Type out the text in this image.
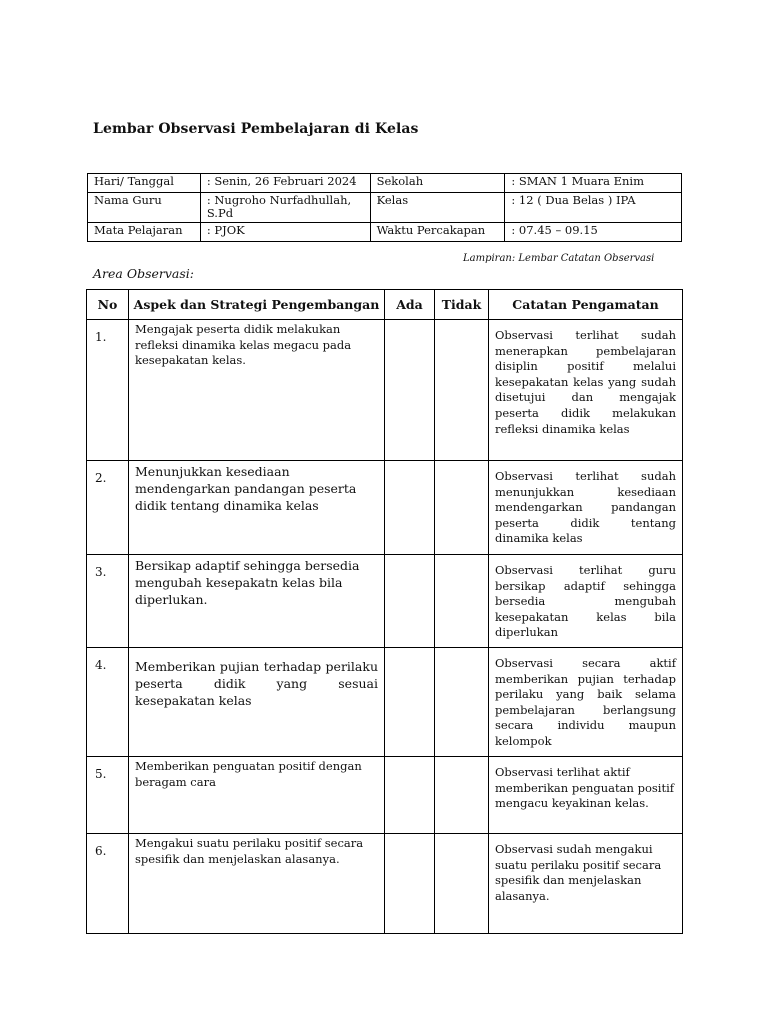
Lembar Observasi Pembelajaran di Kelas
Hari/ Tanggal	: Senin, 26 Februari 2024	Sekolah	: SMAN 1 Muara Enim
Nama Guru	: Nugroho Nurfadhullah, S.Pd	Kelas	: 12 ( Dua Belas ) IPA
Mata Pelajaran	: PJOK	Waktu Percakapan	: 07.45 – 09.15
Lampiran: Lembar Catatan Observasi
Area Observasi:
No	Aspek dan Strategi Pengembangan	Ada	Tidak	Catatan Pengamatan
1.	Mengajak peserta didik melakukan refleksi dinamika kelas megacu pada kesepakatan kelas.			Observasi terlihat sudah menerapkan pembelajaran disiplin positif melalui kesepakatan kelas yang sudah disetujui dan mengajak peserta didik melakukan refleksi dinamika kelas
2.	Menunjukkan kesediaan mendengarkan pandangan peserta didik tentang dinamika kelas			Observasi terlihat sudah menunjukkan kesediaan mendengarkan pandangan peserta didik tentang dinamika kelas
3.	Bersikap adaptif sehingga bersedia mengubah kesepakatn kelas bila diperlukan.			Observasi terlihat guru bersikap adaptif sehingga bersedia mengubah kesepakatan kelas bila diperlukan
4.	Memberikan pujian terhadap perilaku peserta didik yang sesuai kesepakatan kelas			Observasi secara aktif memberikan pujian terhadap perilaku yang baik selama pembelajaran berlangsung secara individu maupun kelompok
5.	Memberikan penguatan positif dengan beragam cara			Observasi terlihat aktif memberikan penguatan positif mengacu keyakinan kelas.
6.	Mengakui suatu perilaku positif secara spesifik dan menjelaskan alasanya.			Observasi sudah mengakui suatu perilaku positif secara spesifik dan menjelaskan alasanya.
